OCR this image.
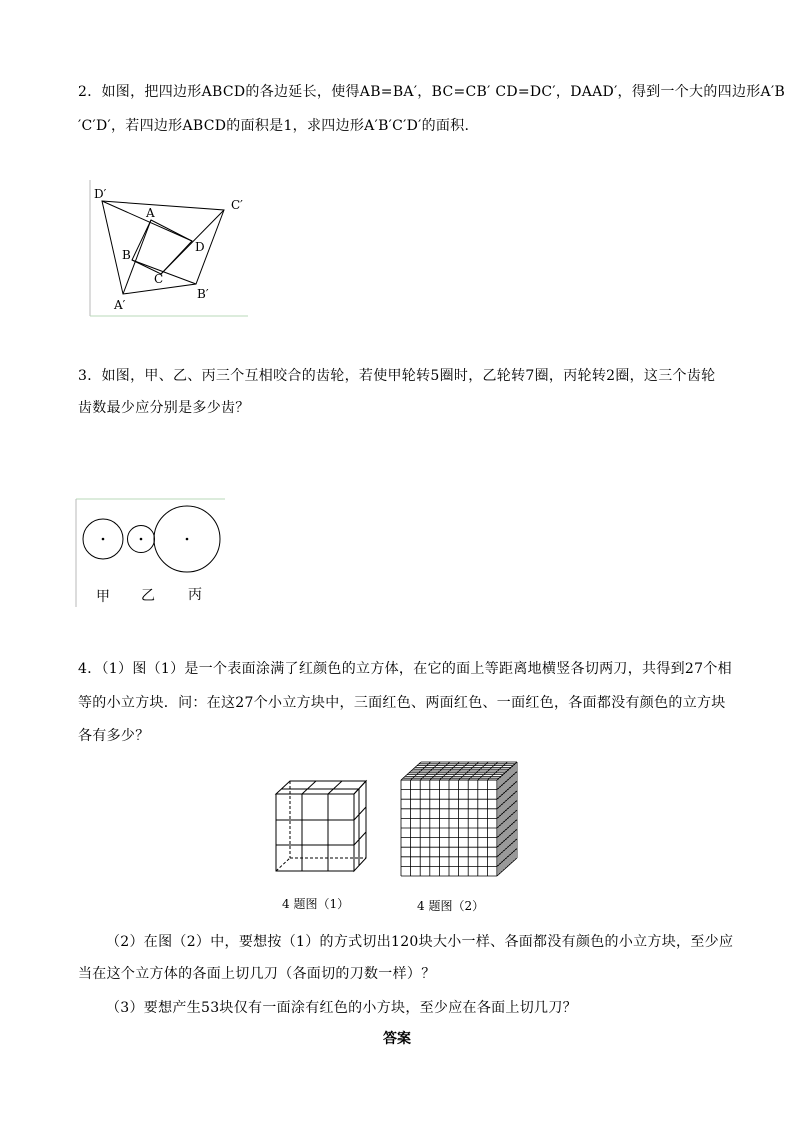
2．如图，把四边形ABCD的各边延长，使得AB=BA′，BC=CB′ CD=DC′，DAAD′，得到一个大的四边形A′B
′C′D′，若四边形ABCD的面积是1，求四边形A′B′C′D′的面积.
D′
C′
A
D
B
C
B′
A′
3．如图，甲、乙、丙三个互相咬合的齿轮，若使甲轮转5圈时，乙轮转7圈，丙轮转2圈，这三个齿轮
齿数最少应分别是多少齿？
甲 乙 丙
4．（1）图（1）是一个表面涂满了红颜色的立方体，在它的面上等距离地横竖各切两刀，共得到27个相
等的小立方块．问：在这27个小立方块中，三面红色、两面红色、一面红色，各面都没有颜色的立方块
各有多少？
4 题图（1）	4 题图（2）
（2）在图（2）中，要想按（1）的方式切出120块大小一样、各面都没有颜色的小立方块，至少应
当在这个立方体的各面上切几刀（各面切的刀数一样）？
（3）要想产生53块仅有一面涂有红色的小方块，至少应在各面上切几刀？
答案
